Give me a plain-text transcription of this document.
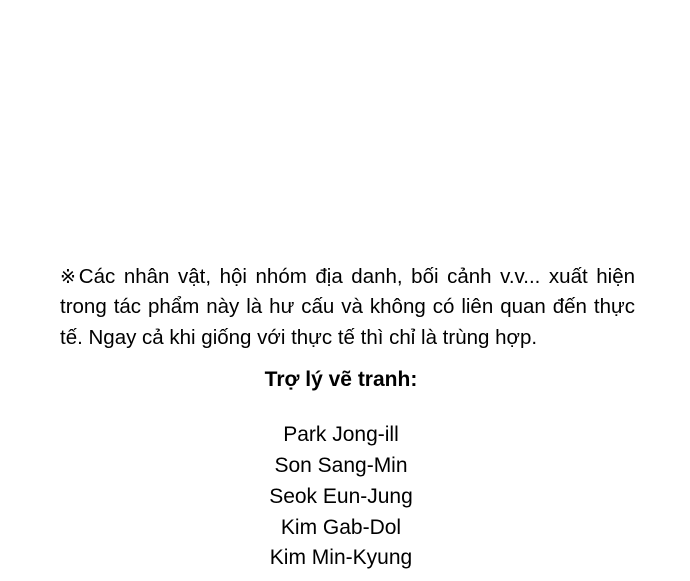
※Các nhân vật, hội nhóm địa danh, bối cảnh v.v... xuất hiện trong tác phẩm này là hư cấu và không có liên quan đến thực tế. Ngay cả khi giống với thực tế thì chỉ là trùng hợp.
Trợ lý vẽ tranh:
Park Jong-ill
Son Sang-Min
Seok Eun-Jung
Kim Gab-Dol
Kim Min-Kyung
